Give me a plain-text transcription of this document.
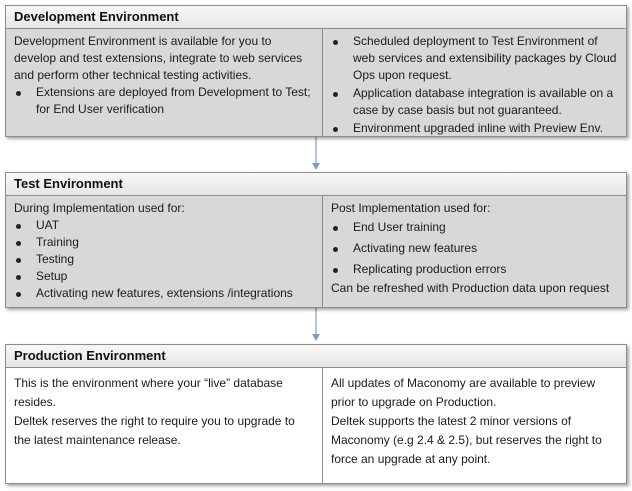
Development Environment
Development Environment is available for you to develop and test extensions, integrate to web services and perform other technical testing activities.
Extensions are deployed from Development to Test; for End User verification
Scheduled deployment to Test Environment of web services and extensibility packages by Cloud Ops upon request.
Application database integration is available on a case by case basis but not guaranteed.
Environment upgraded inline with Preview Env.
Test Environment
During Implementation used for:
UAT
Training
Testing
Setup
Activating new features, extensions /integrations
Post Implementation used for:
End User training
Activating new features
Replicating production errors
Can be refreshed with Production data upon request
Production Environment
This is the environment where your “live” database resides.
Deltek reserves the right to require you to upgrade to the latest maintenance release.
All updates of Maconomy are available to preview prior to upgrade on Production.
Deltek supports the latest 2 minor versions of Maconomy (e.g 2.4 & 2.5), but reserves the right to force an upgrade at any point.
